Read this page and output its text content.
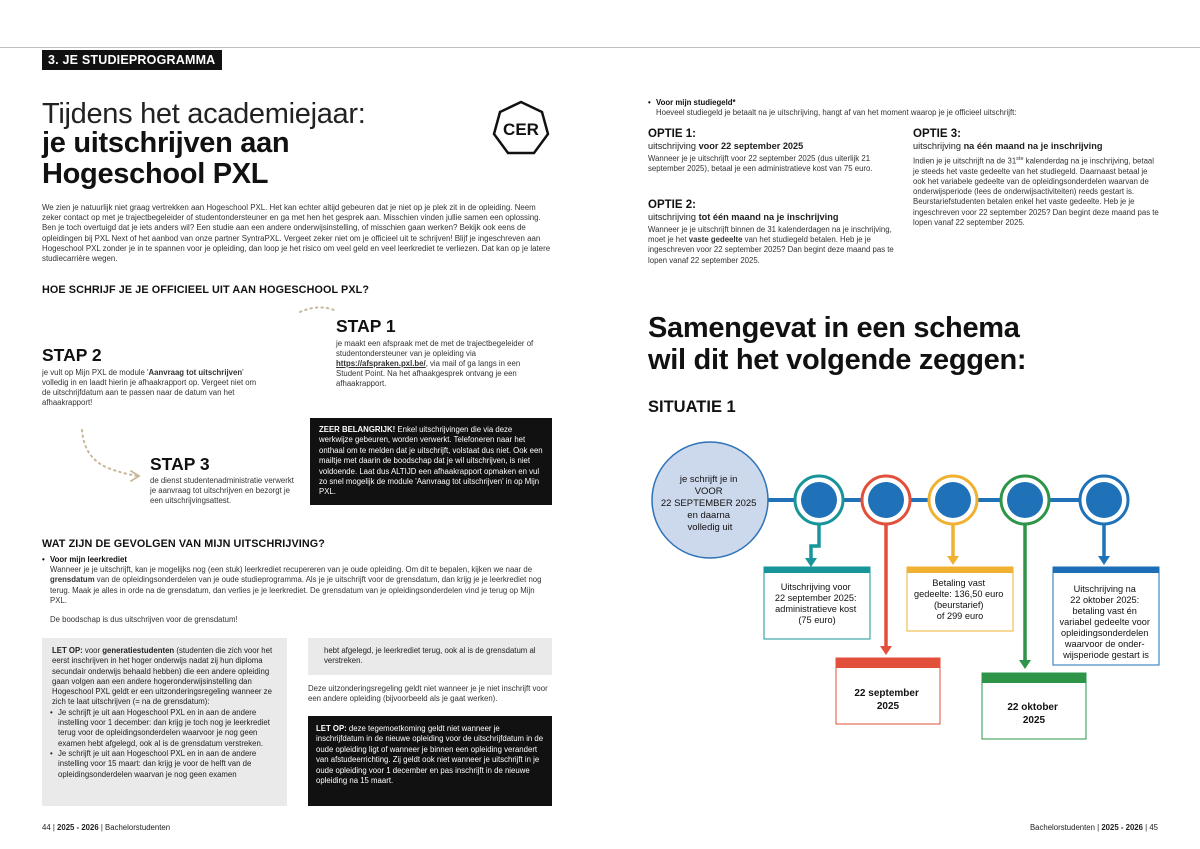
3. JE STUDIEPROGRAMMA
Tijdens het academiejaar:
je uitschrijven aan
Hogeschool PXL
CER
We zien je natuurlijk niet graag vertrekken aan Hogeschool PXL. Het kan echter altijd gebeuren dat je niet op je plek zit in de opleiding. Neem zeker contact op met je trajectbegeleider of studentondersteuner en ga met hen het gesprek aan. Misschien vinden jullie samen een oplossing. Ben je toch overtuigd dat je iets anders wil? Een studie aan een andere onderwijsinstelling, of misschien gaan werken? Bekijk ook eens de opleidingen bij PXL Next of het aanbod van onze partner SyntraPXL. Vergeet zeker niet om je officieel uit te schrijven! Blijf je ingeschreven aan Hogeschool PXL zonder je in te spannen voor je opleiding, dan loop je het risico om veel geld en veel leerkrediet te verliezen. Dat kan op je latere studiecarrière wegen.
HOE SCHRIJF JE JE OFFICIEEL UIT AAN HOGESCHOOL PXL?
STAP 1
je maakt een afspraak met de met de trajectbegeleider of studentondersteuner van je opleiding via https://afspraken.pxl.be/, via mail of ga langs in een Student Point. Na het afhaakgesprek ontvang je een afhaakrapport.
STAP 2
je vult op Mijn PXL de module 'Aanvraag tot uitschrijven' volledig in en laadt hierin je afhaakrapport op. Vergeet niet om de uitschrijfdatum aan te passen naar de datum van het afhaakrapport!
STAP 3
de dienst studentenadministratie verwerkt je aanvraag tot uitschrijven en bezorgt je een uitschrijvingsattest.
ZEER BELANGRIJK! Enkel uitschrijvingen die via deze werkwijze gebeuren, worden verwerkt. Telefoneren naar het onthaal om te melden dat je uitschrijft, volstaat dus niet. Ook een mailtje met daarin de boodschap dat je wil uitschrijven, is niet voldoende. Laat dus ALTIJD een afhaakrapport opmaken en vul zo snel mogelijk de module 'Aanvraag tot uitschrijven' in op Mijn PXL.
WAT ZIJN DE GEVOLGEN VAN MIJN UITSCHRIJVING?
• Voor mijn leerkrediet
Wanneer je je uitschrijft, kan je mogelijks nog (een stuk) leerkrediet recupereren van je oude opleiding. Om dit te bepalen, kijken we naar de grensdatum van de opleidingsonderdelen van je oude studieprogramma. Als je je uitschrijft voor de grensdatum, dan krijg je je leerkrediet nog terug. Maak je alles in orde na de grensdatum, dan verlies je je leerkrediet. De grensdatum van je opleidingsonderdelen vind je terug op Mijn PXL.
De boodschap is dus uitschrijven voor de grensdatum!
LET OP: voor generatiestudenten (studenten die zich voor het eerst inschrijven in het hoger onderwijs nadat zij hun diploma secundair onderwijs behaald hebben) die een andere opleiding gaan volgen aan een andere hogeronderwijsinstelling dan Hogeschool PXL geldt er een uitzonderingsregeling wanneer ze zich te laat uitschrijven (= na de grensdatum):
• Je schrijft je uit aan Hogeschool PXL en in aan de andere instelling voor 1 december: dan krijg je toch nog je leerkrediet terug voor de opleidingsonderdelen waarvoor je nog geen examen hebt afgelegd, ook al is de grensdatum verstreken.
• Je schrijft je uit aan Hogeschool PXL en in aan de andere instelling voor 15 maart: dan krijg je voor de helft van de opleidingsonderdelen waarvan je nog geen examen
hebt afgelegd, je leerkrediet terug, ook al is de grensdatum al verstreken.
Deze uitzonderingsregeling geldt niet wanneer je je niet inschrijft voor een andere opleiding (bijvoorbeeld als je gaat werken).
LET OP: deze tegemoetkoming geldt niet wanneer je inschrijfdatum in de nieuwe opleiding voor de uitschrijfdatum in de oude opleiding ligt of wanneer je binnen een opleiding verandert van afstudeerrichting. Zij geldt ook niet wanneer je uitschrijft in je oude opleiding voor 1 december en pas inschrijft in de nieuwe opleiding na 15 maart.
44 | 2025 - 2026 | Bachelorstudenten
• Voor mijn studiegeld*
Hoeveel studiegeld je betaalt na je uitschrijving, hangt af van het moment waarop je je officieel uitschrijft:
OPTIE 1:
uitschrijving voor 22 september 2025
Wanneer je je uitschrijft voor 22 september 2025 (dus uiterlijk 21 september 2025), betaal je een administratieve kost van 75 euro.
OPTIE 2:
uitschrijving tot één maand na je inschrijving
Wanneer je je uitschrijft binnen de 31 kalenderdagen na je inschrijving, moet je het vaste gedeelte van het studiegeld betalen. Heb je je ingeschreven voor 22 september 2025? Dan begint deze maand pas te lopen vanaf 22 september 2025.
OPTIE 3:
uitschrijving na één maand na je inschrijving
Indien je je uitschrijft na de 31ste kalenderdag na je inschrijving, betaal je steeds het vaste gedeelte van het studiegeld. Daarnaast betaal je ook het variabele gedeelte van de opleidingsonderdelen waarvan de onderwijsperiode (lees de onderwijsactiviteiten) reeds gestart is. Beurstariefstudenten betalen enkel het vaste gedeelte. Heb je je ingeschreven voor 22 september 2025? Dan begint deze maand pas te lopen vanaf 22 september 2025.
Samengevat in een schema
wil dit het volgende zeggen:
SITUATIE 1
je schrijft je in VOOR 22 SEPTEMBER 2025 en daarna volledig uit
Uitschrijving voor 22 september 2025: administratieve kost (75 euro)
Betaling vast gedeelte: 136,50 euro (beurstarief) of 299 euro
Uitschrijving na 22 oktober 2025: betaling vast én variabel gedeelte voor opleidingsonderdelen waarvoor de onder- wijsperiode gestart is
22 september 2025	22 oktober 2025
Bachelorstudenten | 2025 - 2026 | 45
